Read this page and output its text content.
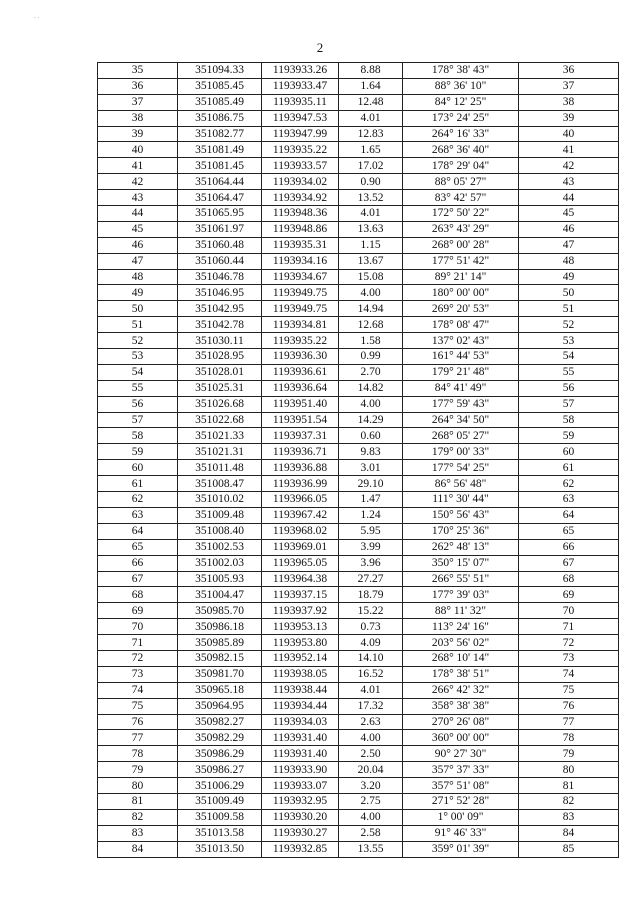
. .
2
35	351094.33	1193933.26	8.88	178° 38' 43"	36
36	351085.45	1193933.47	1.64	88° 36' 10"	37
37	351085.49	1193935.11	12.48	84° 12' 25"	38
38	351086.75	1193947.53	4.01	173° 24' 25"	39
39	351082.77	1193947.99	12.83	264° 16' 33"	40
40	351081.49	1193935.22	1.65	268° 36' 40"	41
41	351081.45	1193933.57	17.02	178° 29' 04"	42
42	351064.44	1193934.02	0.90	88° 05' 27"	43
43	351064.47	1193934.92	13.52	83° 42' 57"	44
44	351065.95	1193948.36	4.01	172° 50' 22"	45
45	351061.97	1193948.86	13.63	263° 43' 29"	46
46	351060.48	1193935.31	1.15	268° 00' 28"	47
47	351060.44	1193934.16	13.67	177° 51' 42"	48
48	351046.78	1193934.67	15.08	89° 21' 14"	49
49	351046.95	1193949.75	4.00	180° 00' 00"	50
50	351042.95	1193949.75	14.94	269° 20' 53"	51
51	351042.78	1193934.81	12.68	178° 08' 47"	52
52	351030.11	1193935.22	1.58	137° 02' 43"	53
53	351028.95	1193936.30	0.99	161° 44' 53"	54
54	351028.01	1193936.61	2.70	179° 21' 48"	55
55	351025.31	1193936.64	14.82	84° 41' 49"	56
56	351026.68	1193951.40	4.00	177° 59' 43"	57
57	351022.68	1193951.54	14.29	264° 34' 50"	58
58	351021.33	1193937.31	0.60	268° 05' 27"	59
59	351021.31	1193936.71	9.83	179° 00' 33"	60
60	351011.48	1193936.88	3.01	177° 54' 25"	61
61	351008.47	1193936.99	29.10	86° 56' 48"	62
62	351010.02	1193966.05	1.47	111° 30' 44"	63
63	351009.48	1193967.42	1.24	150° 56' 43"	64
64	351008.40	1193968.02	5.95	170° 25' 36"	65
65	351002.53	1193969.01	3.99	262° 48' 13"	66
66	351002.03	1193965.05	3.96	350° 15' 07"	67
67	351005.93	1193964.38	27.27	266° 55' 51"	68
68	351004.47	1193937.15	18.79	177° 39' 03"	69
69	350985.70	1193937.92	15.22	88° 11' 32"	70
70	350986.18	1193953.13	0.73	113° 24' 16"	71
71	350985.89	1193953.80	4.09	203° 56' 02"	72
72	350982.15	1193952.14	14.10	268° 10' 14"	73
73	350981.70	1193938.05	16.52	178° 38' 51"	74
74	350965.18	1193938.44	4.01	266° 42' 32"	75
75	350964.95	1193934.44	17.32	358° 38' 38"	76
76	350982.27	1193934.03	2.63	270° 26' 08"	77
77	350982.29	1193931.40	4.00	360° 00' 00"	78
78	350986.29	1193931.40	2.50	90° 27' 30"	79
79	350986.27	1193933.90	20.04	357° 37' 33"	80
80	351006.29	1193933.07	3.20	357° 51' 08"	81
81	351009.49	1193932.95	2.75	271° 52' 28"	82
82	351009.58	1193930.20	4.00	1° 00' 09"	83
83	351013.58	1193930.27	2.58	91° 46' 33"	84
84	351013.50	1193932.85	13.55	359° 01' 39"	85
